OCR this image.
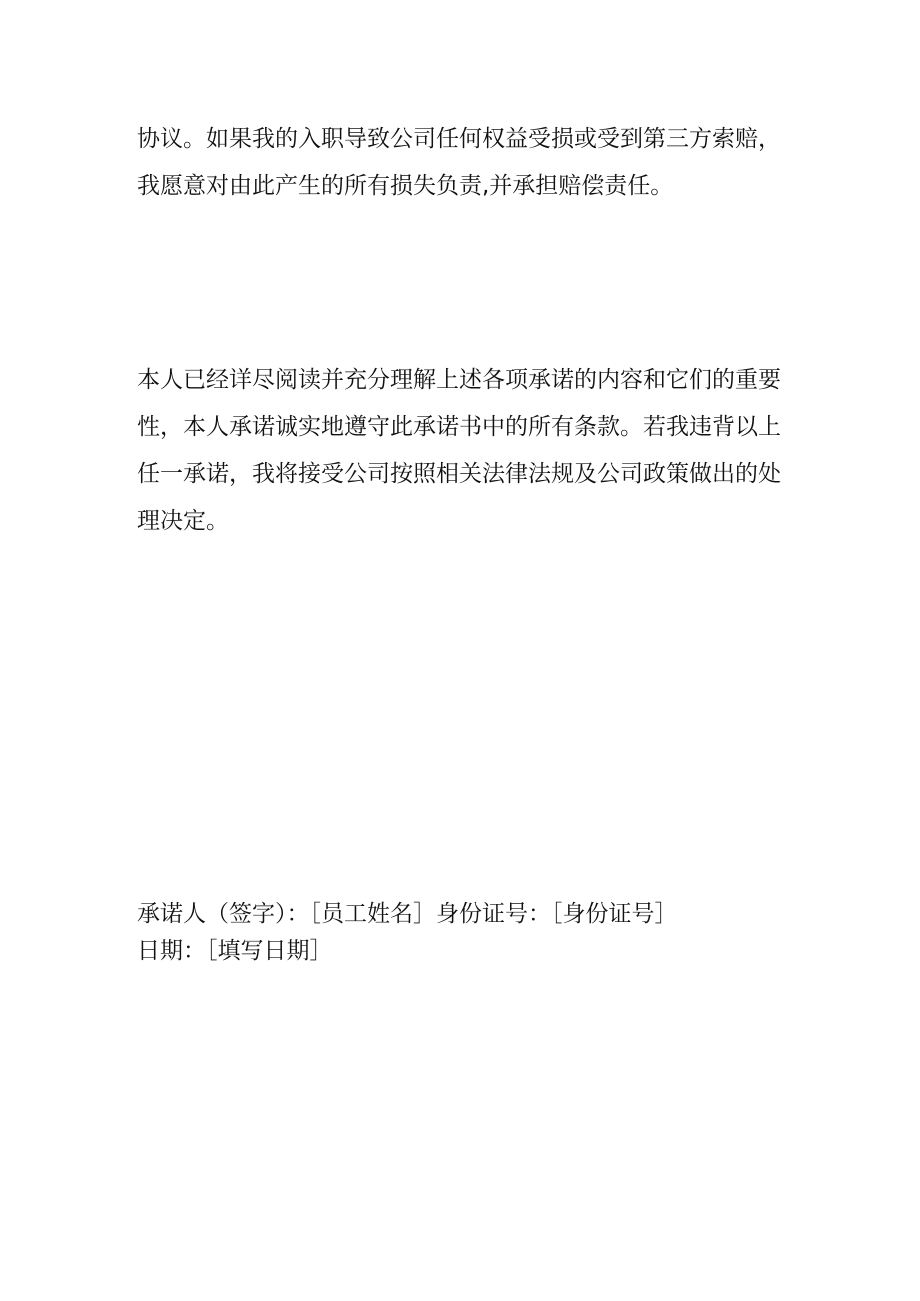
协议。如果我的入职导致公司任何权益受损或受到第三方索赔，
我愿意对由此产生的所有损失负责,并承担赔偿责任。

本人已经详尽阅读并充分理解上述各项承诺的内容和它们的重要
性，本人承诺诚实地遵守此承诺书中的所有条款。若我违背以上
任一承诺，我将接受公司按照相关法律法规及公司政策做出的处
理决定。

承诺人（签字）：［员工姓名］身份证号：［身份证号］
日期：［填写日期］
